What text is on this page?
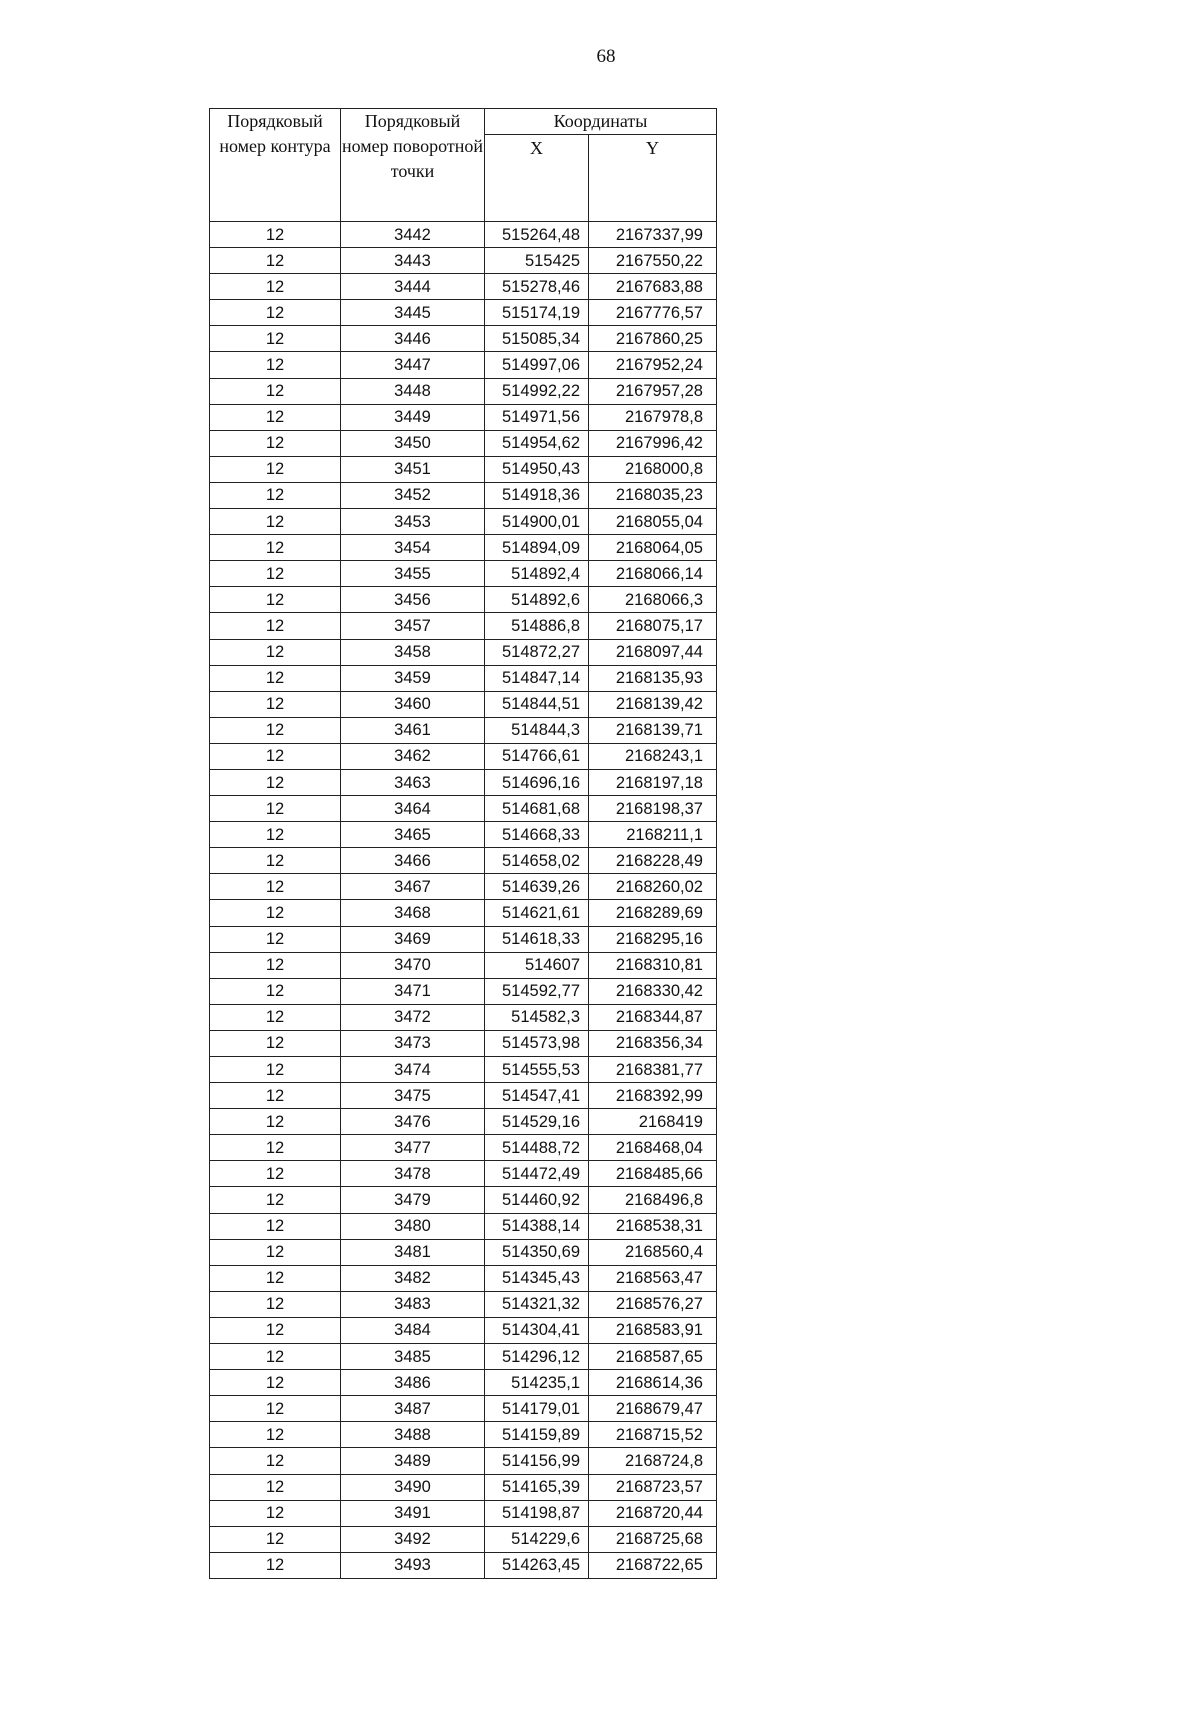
68
Порядковый номер контура	Порядковый номер поворотной точки	Координаты	
		X	Y
12	3442	515264,48	2167337,99
12	3443	515425	2167550,22
12	3444	515278,46	2167683,88
12	3445	515174,19	2167776,57
12	3446	515085,34	2167860,25
12	3447	514997,06	2167952,24
12	3448	514992,22	2167957,28
12	3449	514971,56	2167978,8
12	3450	514954,62	2167996,42
12	3451	514950,43	2168000,8
12	3452	514918,36	2168035,23
12	3453	514900,01	2168055,04
12	3454	514894,09	2168064,05
12	3455	514892,4	2168066,14
12	3456	514892,6	2168066,3
12	3457	514886,8	2168075,17
12	3458	514872,27	2168097,44
12	3459	514847,14	2168135,93
12	3460	514844,51	2168139,42
12	3461	514844,3	2168139,71
12	3462	514766,61	2168243,1
12	3463	514696,16	2168197,18
12	3464	514681,68	2168198,37
12	3465	514668,33	2168211,1
12	3466	514658,02	2168228,49
12	3467	514639,26	2168260,02
12	3468	514621,61	2168289,69
12	3469	514618,33	2168295,16
12	3470	514607	2168310,81
12	3471	514592,77	2168330,42
12	3472	514582,3	2168344,87
12	3473	514573,98	2168356,34
12	3474	514555,53	2168381,77
12	3475	514547,41	2168392,99
12	3476	514529,16	2168419
12	3477	514488,72	2168468,04
12	3478	514472,49	2168485,66
12	3479	514460,92	2168496,8
12	3480	514388,14	2168538,31
12	3481	514350,69	2168560,4
12	3482	514345,43	2168563,47
12	3483	514321,32	2168576,27
12	3484	514304,41	2168583,91
12	3485	514296,12	2168587,65
12	3486	514235,1	2168614,36
12	3487	514179,01	2168679,47
12	3488	514159,89	2168715,52
12	3489	514156,99	2168724,8
12	3490	514165,39	2168723,57
12	3491	514198,87	2168720,44
12	3492	514229,6	2168725,68
12	3493	514263,45	2168722,65
